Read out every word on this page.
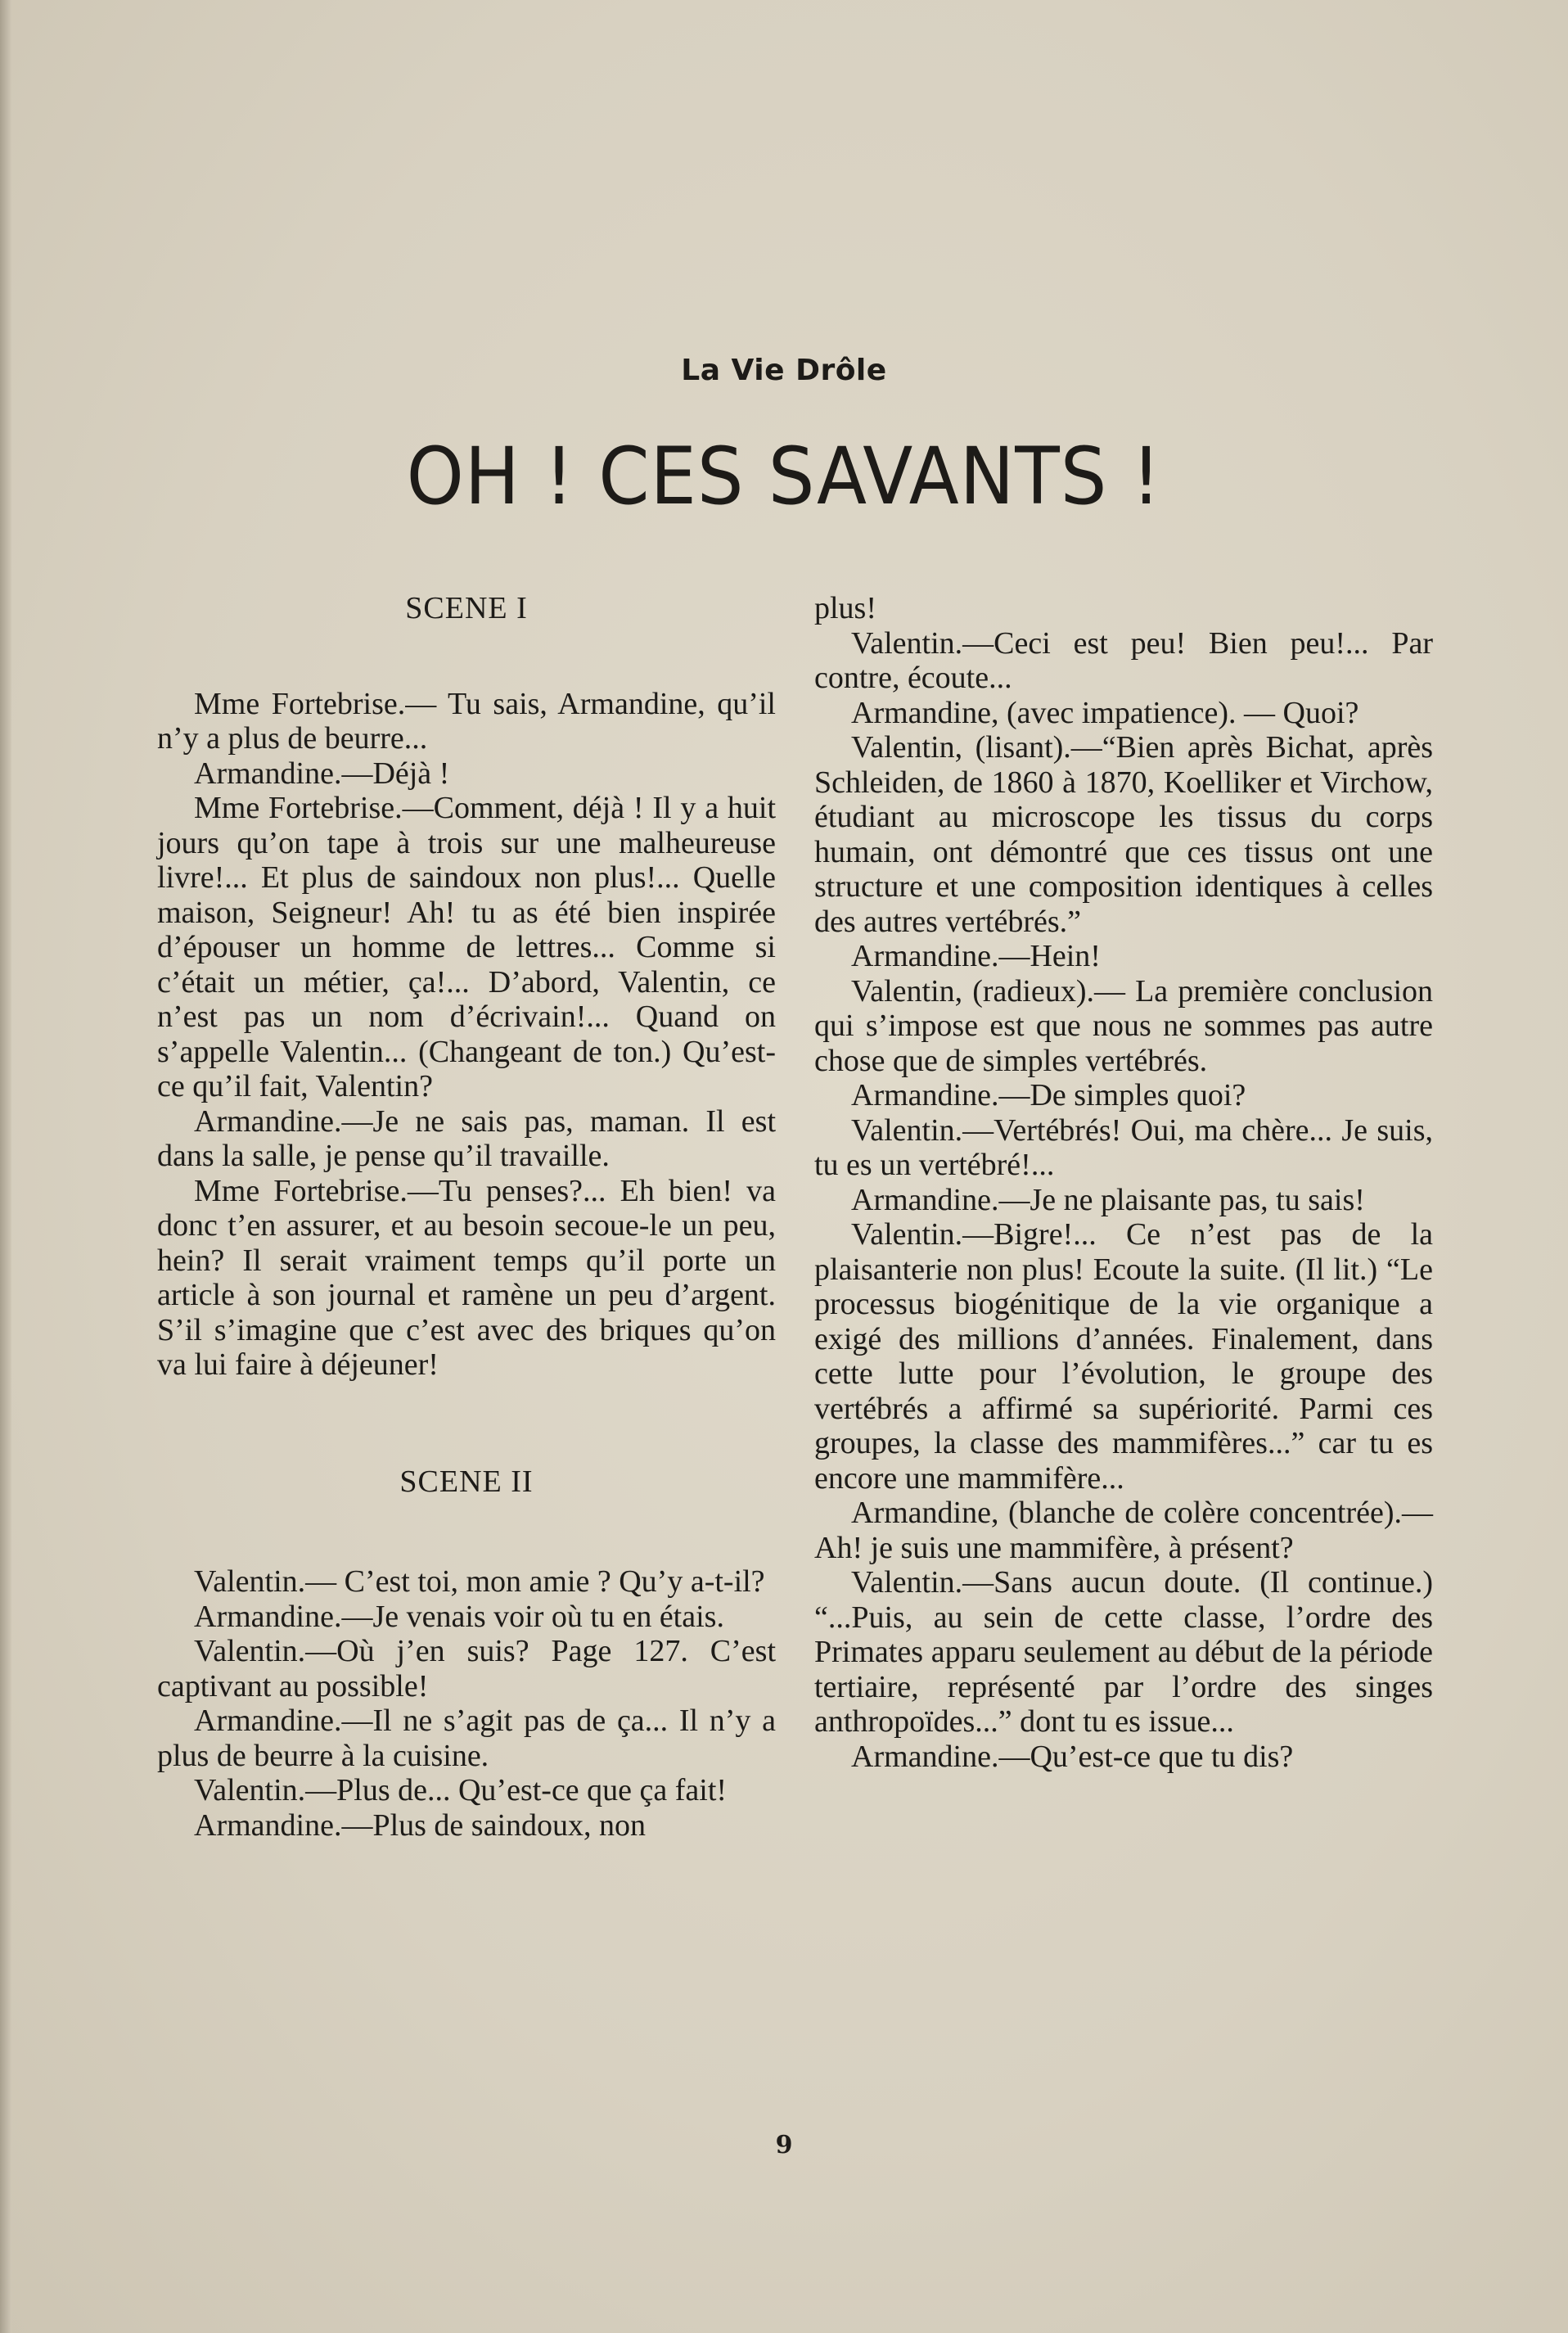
La Vie Drôle
OH ! CES SAVANTS !
SCENE I

Mme Fortebrise.— Tu sais, Armandine, qu’il n’y a plus de beurre...

Armandine.—Déjà !

Mme Fortebrise.—Comment, déjà ! Il y a huit jours qu’on tape à trois sur une malheureuse livre!... Et plus de saindoux non plus!... Quelle maison, Seigneur! Ah! tu as été bien inspirée d’épouser un homme de lettres... Comme si c’était un métier, ça!... D’abord, Valentin, ce n’est pas un nom d’écrivain!... Quand on s’appelle Valentin... (Changeant de ton.) Qu’est-ce qu’il fait, Valentin?

Armandine.—Je ne sais pas, maman. Il est dans la salle, je pense qu’il travaille.

Mme Fortebrise.—Tu penses?... Eh bien! va donc t’en assurer, et au besoin secoue-le un peu, hein? Il serait vraiment temps qu’il porte un article à son journal et ramène un peu d’argent. S’il s’imagine que c’est avec des briques qu’on va lui faire à déjeuner!

SCENE II

Valentin.— C’est toi, mon amie ? Qu’y a-t-il?

Armandine.—Je venais voir où tu en étais.

Valentin.—Où j’en suis? Page 127. C’est captivant au possible!

Armandine.—Il ne s’agit pas de ça... Il n’y a plus de beurre à la cuisine.

Valentin.—Plus de... Qu’est-ce que ça fait!

Armandine.—Plus de saindoux, non

plus!

Valentin.—Ceci est peu! Bien peu!... Par contre, écoute...

Armandine, (avec impatience). — Quoi?

Valentin, (lisant).—“Bien après Bichat, après Schleiden, de 1860 à 1870, Koelliker et Virchow, étudiant au microscope les tissus du corps humain, ont démontré que ces tissus ont une structure et une composition identiques à celles des autres vertébrés.”

Armandine.—Hein!

Valentin, (radieux).— La première conclusion qui s’impose est que nous ne sommes pas autre chose que de simples vertébrés.

Armandine.—De simples quoi?

Valentin.—Vertébrés! Oui, ma chère... Je suis, tu es un vertébré!...

Armandine.—Je ne plaisante pas, tu sais!

Valentin.—Bigre!... Ce n’est pas de la plaisanterie non plus! Ecoute la suite. (Il lit.) “Le processus biogénitique de la vie organique a exigé des millions d’années. Finalement, dans cette lutte pour l’évolution, le groupe des vertébrés a affirmé sa supériorité. Parmi ces groupes, la classe des mammifères...” car tu es encore une mammifère...

Armandine, (blanche de colère concentrée).—Ah! je suis une mammifère, à présent?

Valentin.—Sans aucun doute. (Il continue.) “...Puis, au sein de cette classe, l’ordre des Primates apparu seulement au début de la période tertiaire, représenté par l’ordre des singes anthropoïdes...” dont tu es issue...

Armandine.—Qu’est-ce que tu dis?

9
